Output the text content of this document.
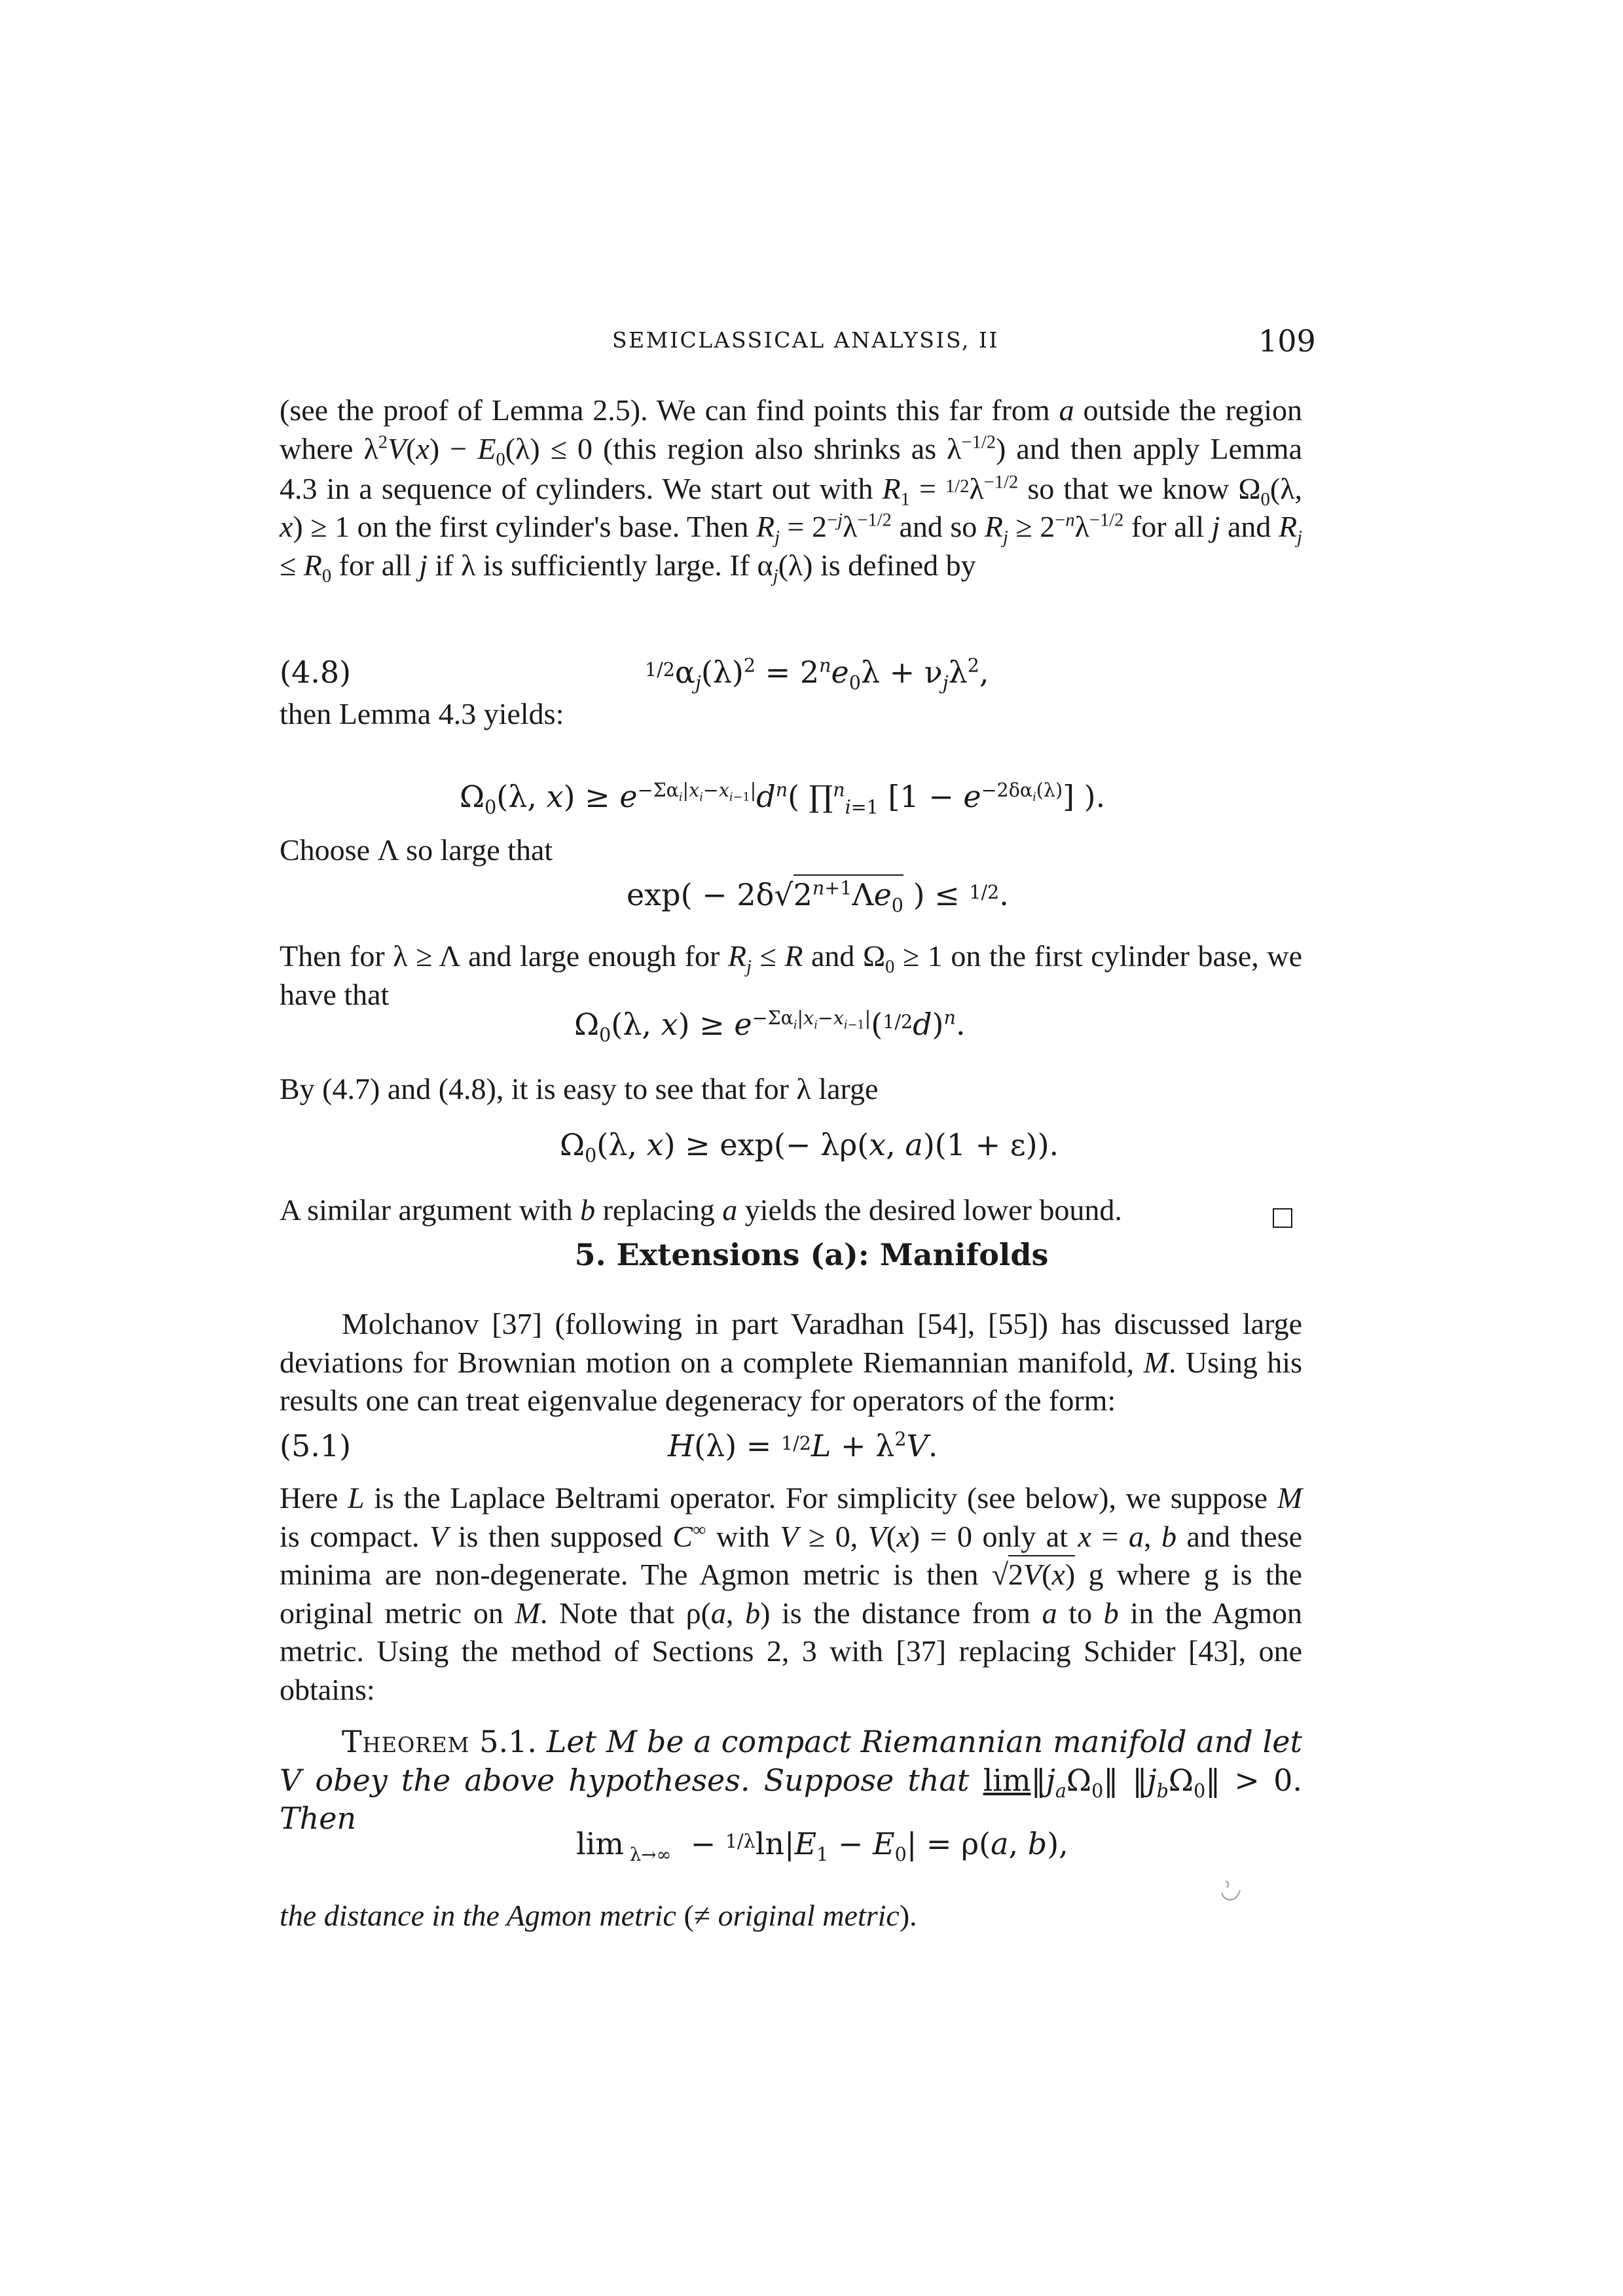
SEMICLASSICAL ANALYSIS, II	109
(see the proof of Lemma 2.5). We can find points this far from a outside the region where $\lambda^2V(x) - E_0(\lambda) \le 0$ (this region also shrinks as $\lambda^{-1/2}$) and then apply Lemma 4.3 in a sequence of cylinders. We start out with $R_1 = 1/2\lambda^{-1/2}$ so that we know $\Omega_0(\lambda$, x) ≥ 1 on the first cylinder's base. Then $R_j = 2^{-j}\lambda^{-1/2}$ and so $R_j \ge 2^{-n}\lambda^{-1/2}$ for all j and $R_j \le R_0$ for all j if λ is sufficiently large. If $\alpha_j(\lambda)$ is defined by
(4.8)	$1/2\alpha_j(\lambda)^2 = 2^ne_0\lambda + \nu_j\lambda^2$,
then Lemma 4.3 yields:
$\Omega_0(\lambda$, $x) \ge e^{-\Sigma\alpha_i|x_i-x_{i-1}|}d^n$( ∏$^n_{i=1}$ $[1 - e^{-2\delta\alpha_i(\lambda)}]$ ).
Choose Λ so large that
$\exp( - 2\delta√2^{n+1}\Lambda e_0$ ) ≤ 1/2.
Then for λ ≥ Λ and large enough for $R_j \le R$ and $\Omega_0 \ge 1$ on the first cylinder base, we have that
$\Omega_0(\lambda$, $x) \ge e^{-\Sigma\alpha_i|x_i-x_{i-1}|}(1/2d)^n$.
By (4.7) and (4.8), it is easy to see that for λ large
$\Omega_0(\lambda$, x) ≥ exp(− λρ(x, a)(1 + ε)).
A similar argument with b replacing a yields the desired lower bound.
5. Extensions (a): Manifolds
Molchanov [37] (following in part Varadhan [54], [55]) has discussed large deviations for Brownian motion on a complete Riemannian manifold, M. Using his results one can treat eigenvalue degeneracy for operators of the form:
(5.1)	$H(\lambda) = 1/2L + \lambda^2V$.
Here L is the Laplace Beltrami operator. For simplicity (see below), we suppose M is compact. V is then supposed C∞ with V ≥ 0, V(x) = 0 only at x = a, b and these minima are non-degenerate. The Agmon metric is then √2V(x) g where g is the original metric on M. Note that ρ(a, b) is the distance from a to b in the Agmon metric. Using the method of Sections 2, 3 with [37] replacing Schider [43], one obtains:
Theorem 5.1. Let M be a compact Riemannian manifold and let V obey the above hypotheses. Suppose that $\lim‖j_a\Omega_0‖$ $‖j_b\Omega_0‖ > 0$. Then
$\lim _{\lambda\to\infty} - 1/\lambda\ln|E_1 - E_0| = \rho(a$, b),
the distance in the Agmon metric (≠ original metric).
